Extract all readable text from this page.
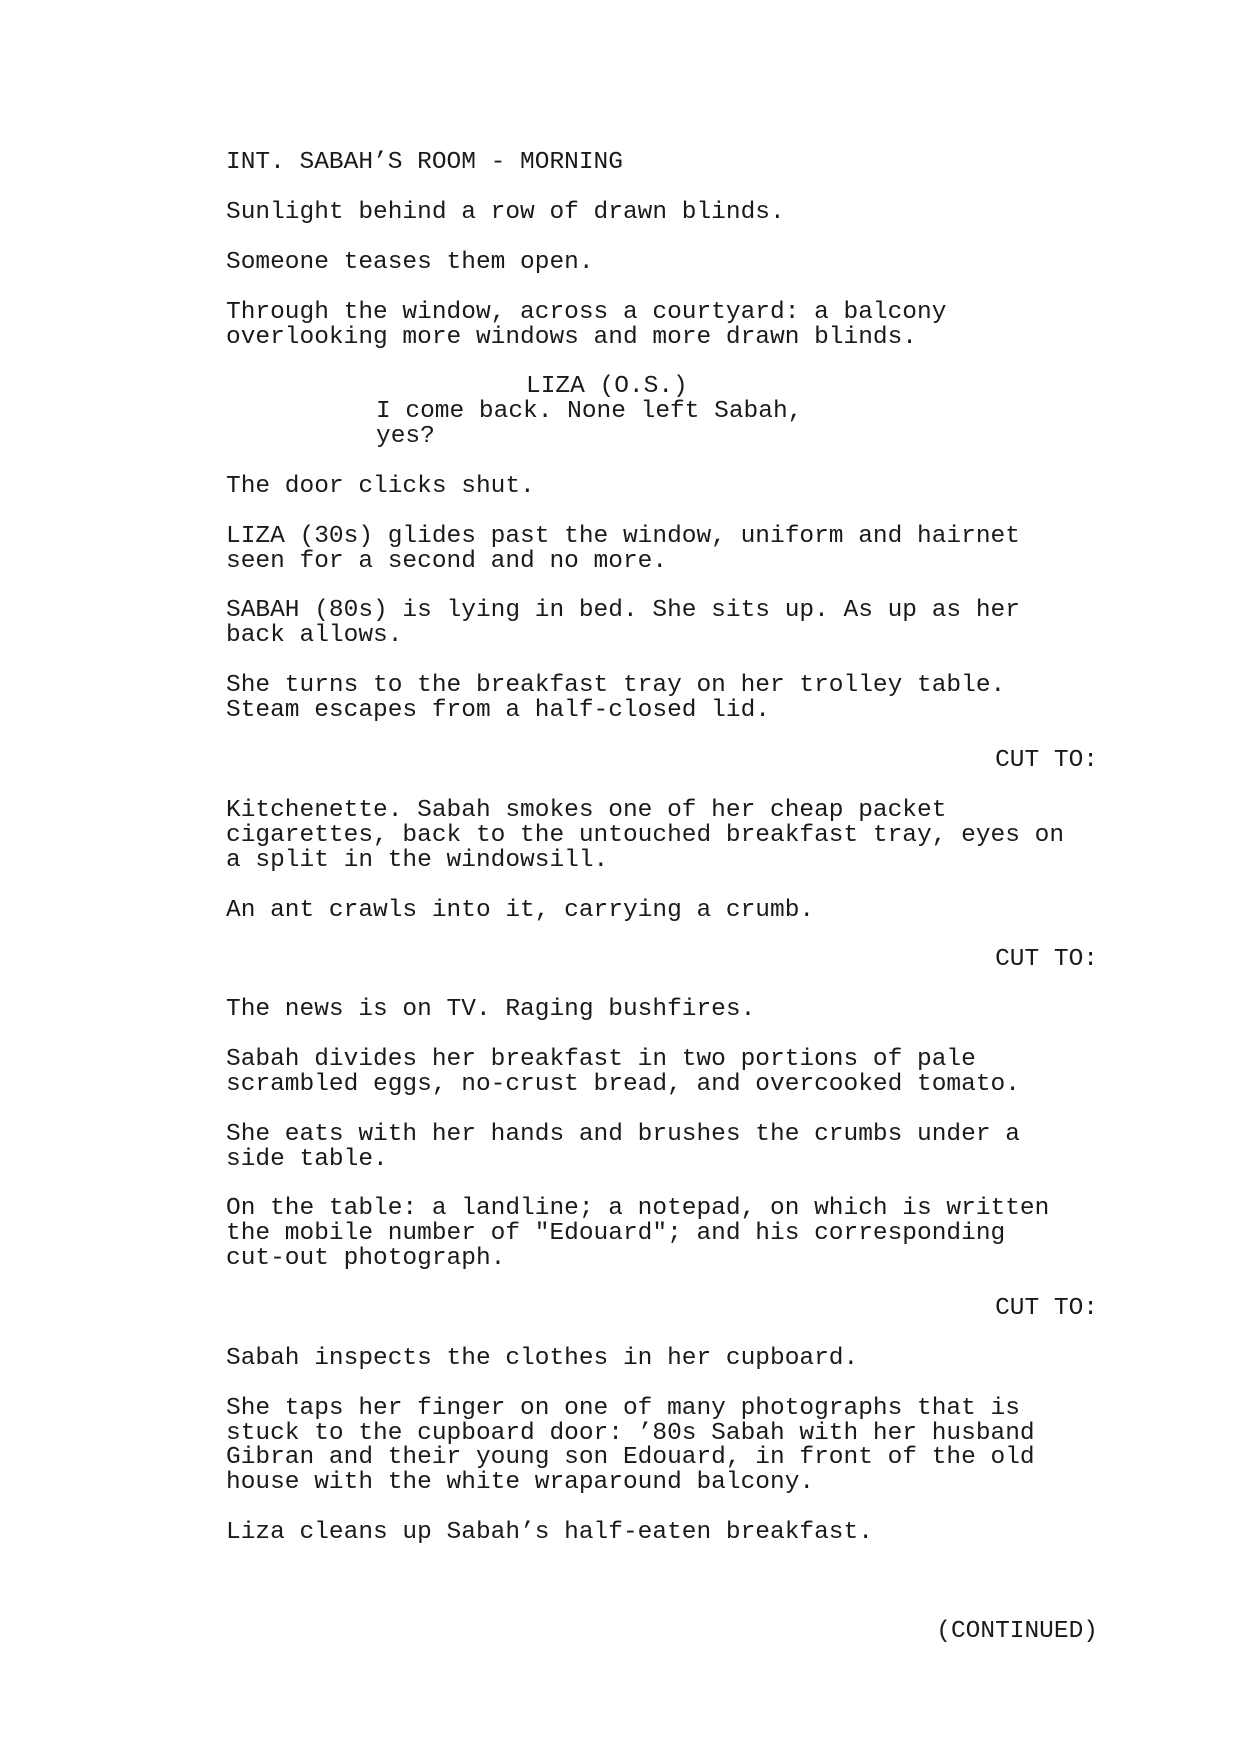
INT. SABAH’S ROOM - MORNING
Sunlight behind a row of drawn blinds.
Someone teases them open.
Through the window, across a courtyard: a balcony
overlooking more windows and more drawn blinds.
LIZA (O.S.)
I come back. None left Sabah,
yes?
The door clicks shut.
LIZA (30s) glides past the window, uniform and hairnet
seen for a second and no more.
SABAH (80s) is lying in bed. She sits up. As up as her
back allows.
She turns to the breakfast tray on her trolley table.
Steam escapes from a half-closed lid.
CUT TO:
Kitchenette. Sabah smokes one of her cheap packet
cigarettes, back to the untouched breakfast tray, eyes on
a split in the windowsill.
An ant crawls into it, carrying a crumb.
CUT TO:
The news is on TV. Raging bushfires.
Sabah divides her breakfast in two portions of pale
scrambled eggs, no-crust bread, and overcooked tomato.
She eats with her hands and brushes the crumbs under a
side table.
On the table: a landline; a notepad, on which is written
the mobile number of "Edouard"; and his corresponding
cut-out photograph.
CUT TO:
Sabah inspects the clothes in her cupboard.
She taps her finger on one of many photographs that is
stuck to the cupboard door: ’80s Sabah with her husband
Gibran and their young son Edouard, in front of the old
house with the white wraparound balcony.
Liza cleans up Sabah’s half-eaten breakfast.
(CONTINUED)
